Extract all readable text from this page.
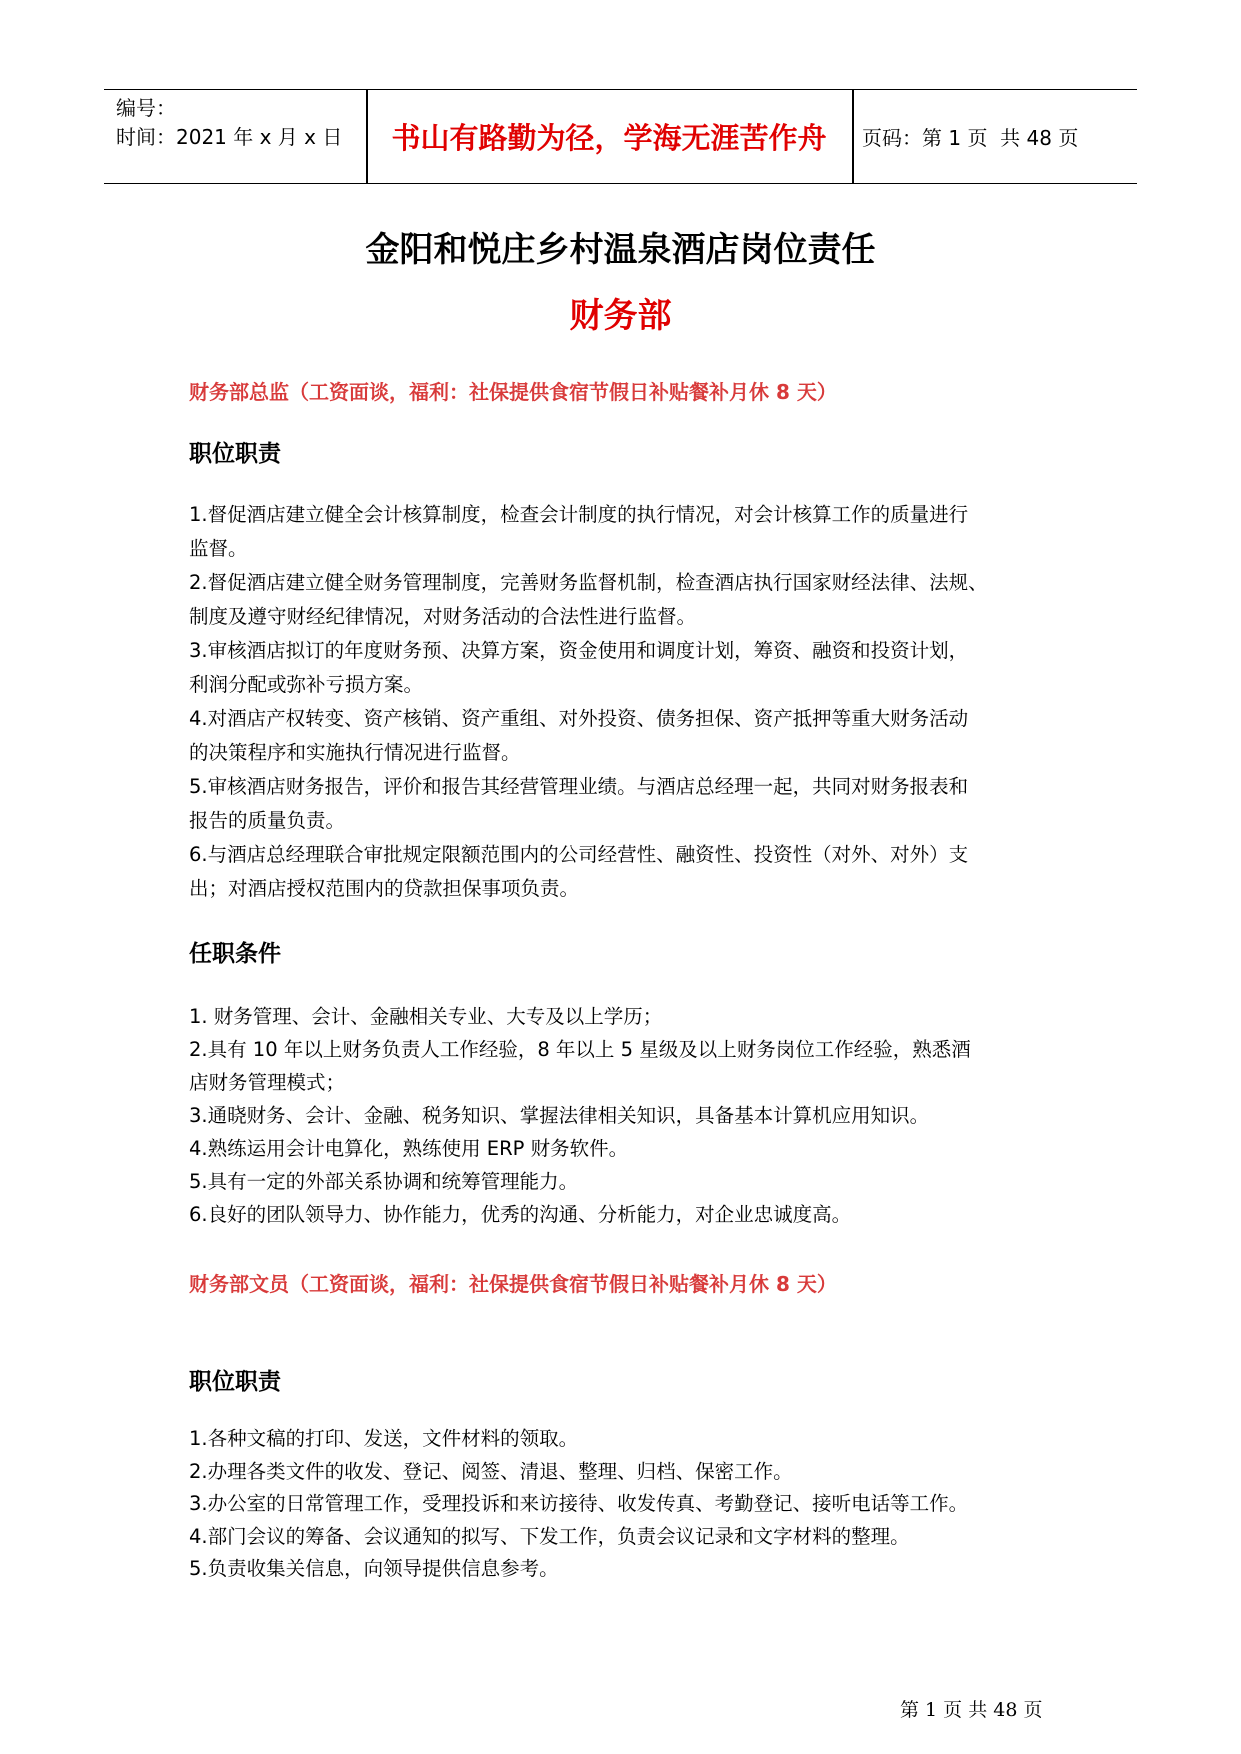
编号：
时间：2021 年 x 月 x 日	书山有路勤为径，学海无涯苦作舟	页码：第 1 页  共 48 页
金阳和悦庄乡村温泉酒店岗位责任
财务部
财务部总监（工资面谈，福利：社保提供食宿节假日补贴餐补月休 8 天）
职位职责

1.督促酒店建立健全会计核算制度，检查会计制度的执行情况，对会计核算工作的质量进行

监督。

2.督促酒店建立健全财务管理制度，完善财务监督机制，检查酒店执行国家财经法律、法规、

制度及遵守财经纪律情况，对财务活动的合法性进行监督。

3.审核酒店拟订的年度财务预、决算方案，资金使用和调度计划，筹资、融资和投资计划，

利润分配或弥补亏损方案。

4.对酒店产权转变、资产核销、资产重组、对外投资、债务担保、资产抵押等重大财务活动

的决策程序和实施执行情况进行监督。

5.审核酒店财务报告，评价和报告其经营管理业绩。与酒店总经理一起，共同对财务报表和

报告的质量负责。

6.与酒店总经理联合审批规定限额范围内的公司经营性、融资性、投资性（对外、对外）支

出；对酒店授权范围内的贷款担保事项负责。

任职条件

1. 财务管理、会计、金融相关专业、大专及以上学历；

2.具有 10 年以上财务负责人工作经验，8 年以上 5 星级及以上财务岗位工作经验，熟悉酒

店财务管理模式；

3.通晓财务、会计、金融、税务知识、掌握法律相关知识，具备基本计算机应用知识。

4.熟练运用会计电算化，熟练使用 ERP 财务软件。

5.具有一定的外部关系协调和统筹管理能力。

6.良好的团队领导力、协作能力，优秀的沟通、分析能力，对企业忠诚度高。

财务部文员（工资面谈，福利：社保提供食宿节假日补贴餐补月休 8 天）
职位职责

1.各种文稿的打印、发送，文件材料的领取。

2.办理各类文件的收发、登记、阅签、清退、整理、归档、保密工作。

3.办公室的日常管理工作，受理投诉和来访接待、收发传真、考勤登记、接听电话等工作。

4.部门会议的筹备、会议通知的拟写、下发工作，负责会议记录和文字材料的整理。

5.负责收集关信息，向领导提供信息参考。

第 1 页 共 48 页
